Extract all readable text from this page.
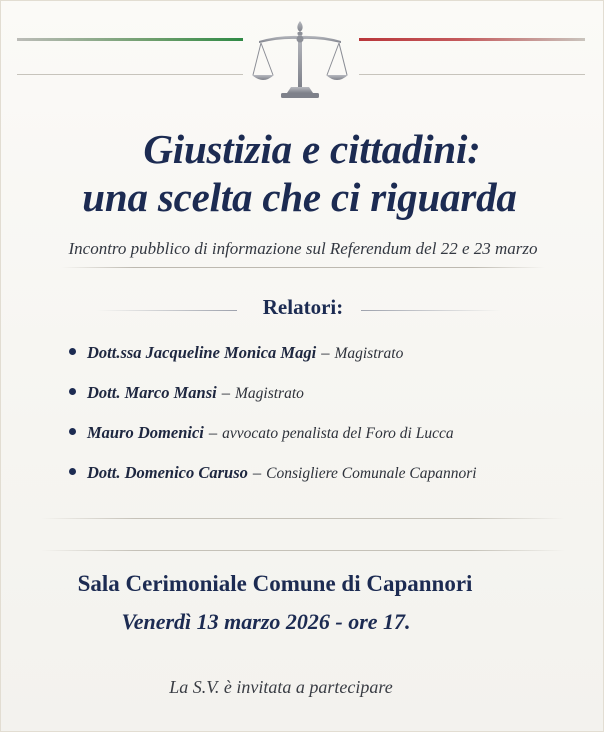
Giustizia e cittadini:
una scelta che ci riguarda
Incontro pubblico di informazione sul Referendum del 22 e 23 marzo
Relatori:
Dott.ssa Jacqueline Monica Magi – Magistrato
Dott. Marco Mansi – Magistrato
Mauro Domenici – avvocato penalista del Foro di Lucca
Dott. Domenico Caruso – Consigliere Comunale Capannori
Sala Cerimoniale Comune di Capannori
Venerdì 13 marzo 2026 - ore 17.
La S.V. è invitata a partecipare
